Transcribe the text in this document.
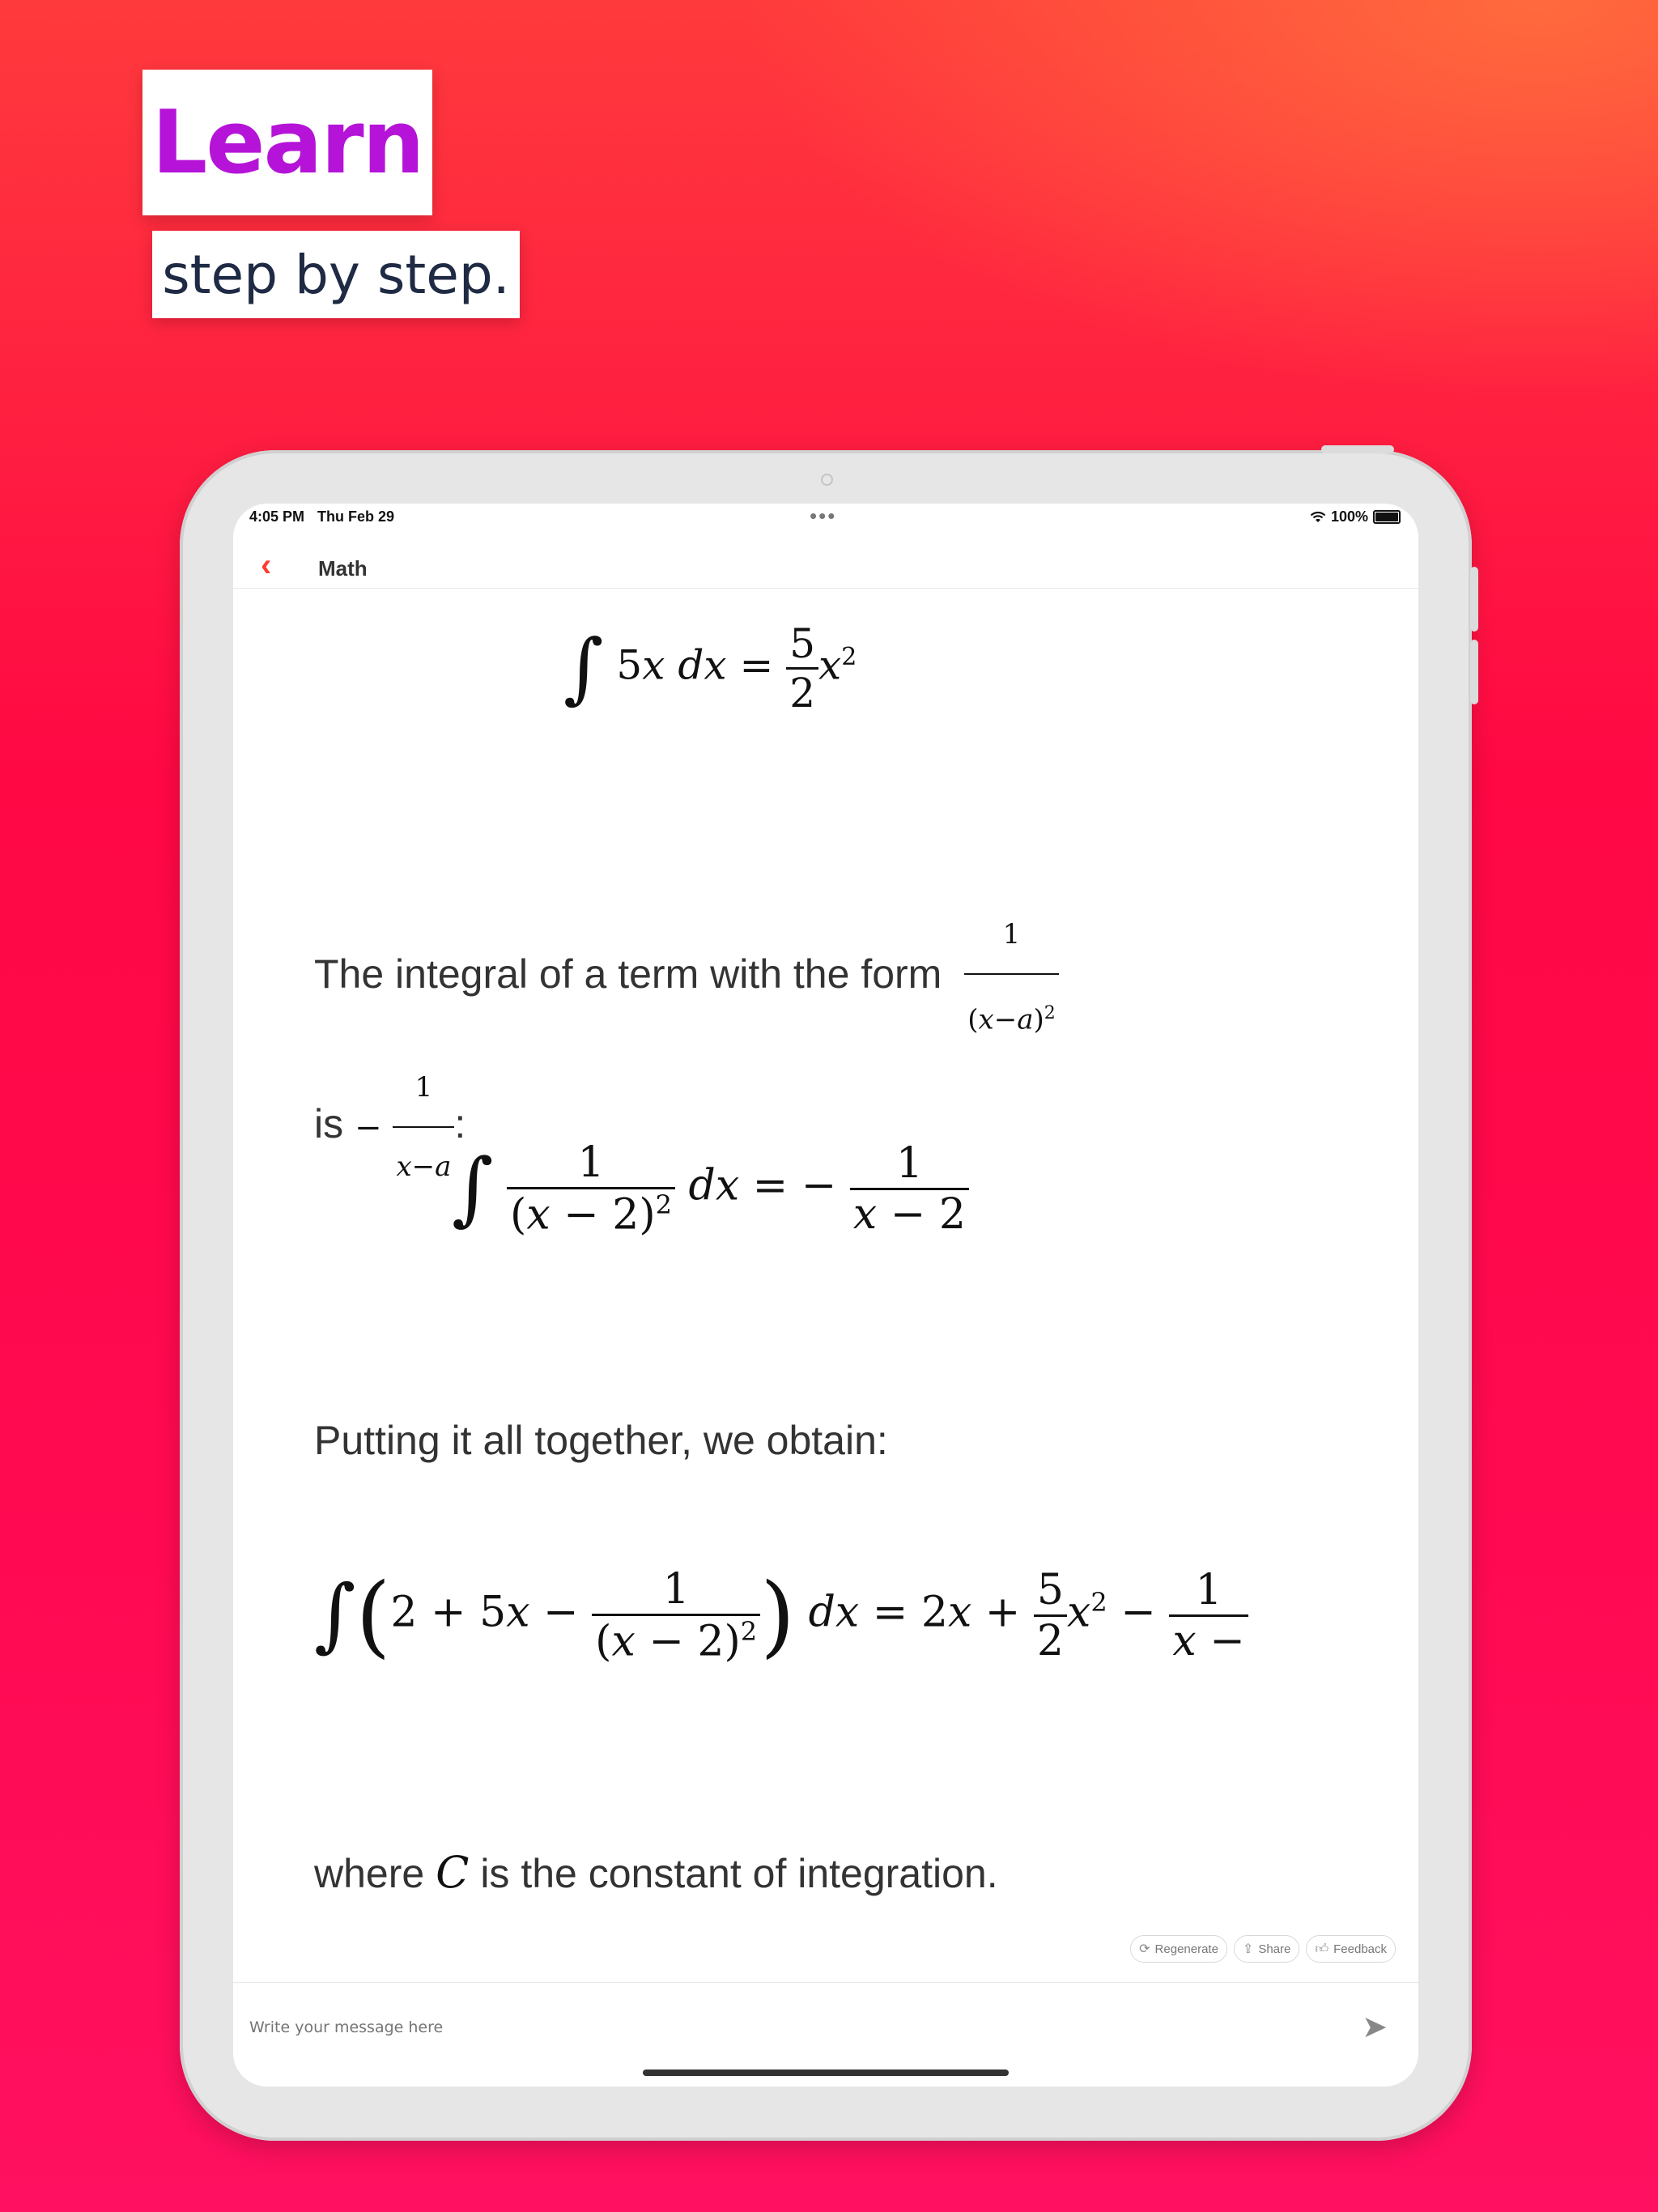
Learn
step by step.
4:05 PM Thu Feb 29	•••	100%
‹ Math
∫ 5x dx = $\frac{5}{2} x^2$
The integral of a term with the form $\frac{1}{(x-a)^2}$
is − $\frac{1}{x-a}$ :
∫ $\frac{1}{(x - 2)^2}$ dx = − $\frac{1}{x - 2}$
Putting it all together, we obtain:
$\int(2 + 5x - \frac{1}{(x - 2)^2}$ ) dx = $2x + \frac{5}{2} x^2 - \frac{1}{x -}$
where C is the constant of integration.
⟳ Regenerate ⇪ Share 👍︎ Feedback
Write your message here
➤
